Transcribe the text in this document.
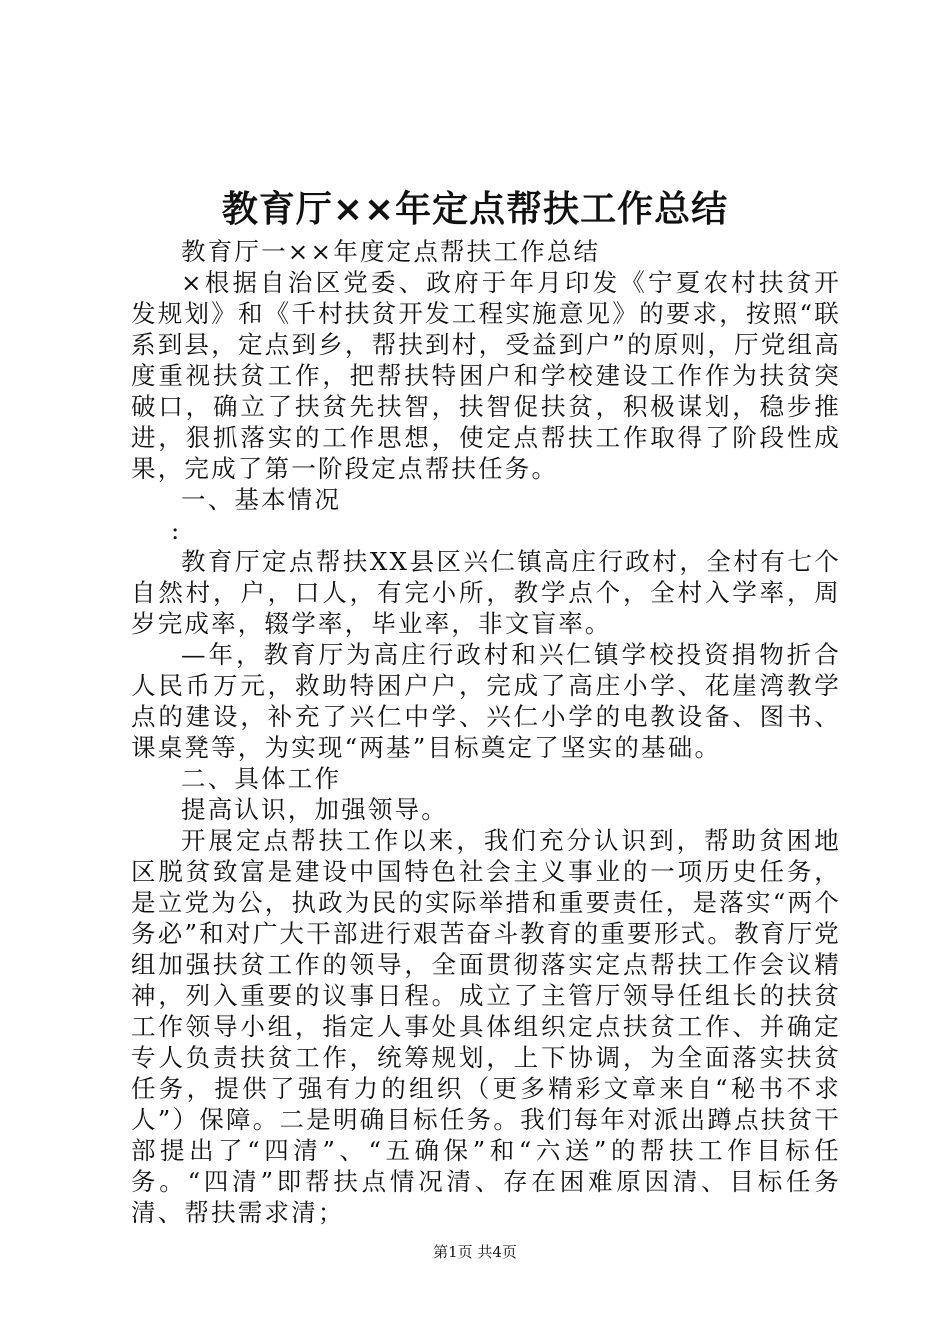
教育厅××年定点帮扶工作总结

教育厅一××年度定点帮扶工作总结

×根据自治区党委、政府于年月印发《宁夏农村扶贫开发规划》和《千村扶贫开发工程实施意见》的要求，按照“联系到县，定点到乡，帮扶到村，受益到户”的原则，厅党组高度重视扶贫工作，把帮扶特困户和学校建设工作作为扶贫突破口，确立了扶贫先扶智，扶智促扶贫，积极谋划，稳步推进，狠抓落实的工作思想，使定点帮扶工作取得了阶段性成果，完成了第一阶段定点帮扶任务。

一、基本情况

:

教育厅定点帮扶XX县区兴仁镇高庄行政村，全村有七个自然村，户，口人，有完小所，教学点个，全村入学率，周岁完成率，辍学率，毕业率，非文盲率。

—年，教育厅为高庄行政村和兴仁镇学校投资捐物折合人民币万元，救助特困户户，完成了高庄小学、花崖湾教学点的建设，补充了兴仁中学、兴仁小学的电教设备、图书、课桌凳等，为实现“两基”目标奠定了坚实的基础。

二、具体工作

提高认识，加强领导。

开展定点帮扶工作以来，我们充分认识到，帮助贫困地区脱贫致富是建设中国特色社会主义事业的一项历史任务，是立党为公，执政为民的实际举措和重要责任，是落实“两个务必”和对广大干部进行艰苦奋斗教育的重要形式。教育厅党组加强扶贫工作的领导，全面贯彻落实定点帮扶工作会议精神，列入重要的议事日程。成立了主管厅领导任组长的扶贫工作领导小组，指定人事处具体组织定点扶贫工作、并确定专人负责扶贫工作，统筹规划，上下协调，为全面落实扶贫任务，提供了强有力的组织（更多精彩文章来自“秘书不求人”）保障。二是明确目标任务。我们每年对派出蹲点扶贫干部提出了“四清”、“五确保”和“六送”的帮扶工作目标任务。“四清”即帮扶点情况清、存在困难原因清、目标任务清、帮扶需求清；

第1页 共4页
